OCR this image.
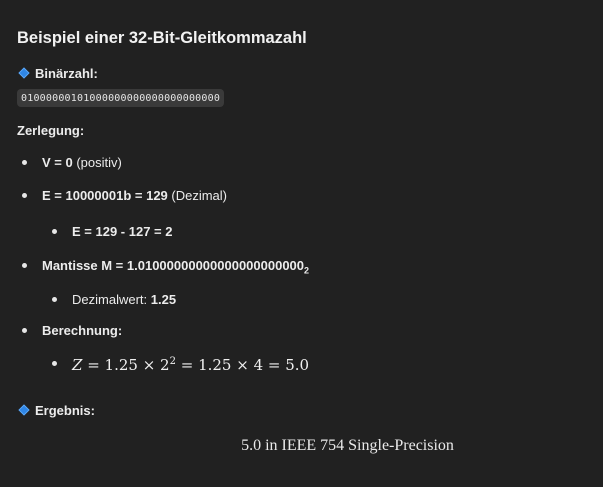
Beispiel einer 32-Bit-Gleitkommazahl
Binärzahl:
01000000101000000000000000000000
Zerlegung:
V = 0 (positiv)
E = 10000001b = 129 (Dezimal)
E = 129 - 127 = 2
Mantisse $M = 1.01000000000000000000000_2$
Dezimalwert: 1.25
Berechnung:
$Z = 1.25 \times 2^2 = 1.25 \times 4 = 5.0$
Ergebnis:
5.0 in IEEE 754 Single-Precision
